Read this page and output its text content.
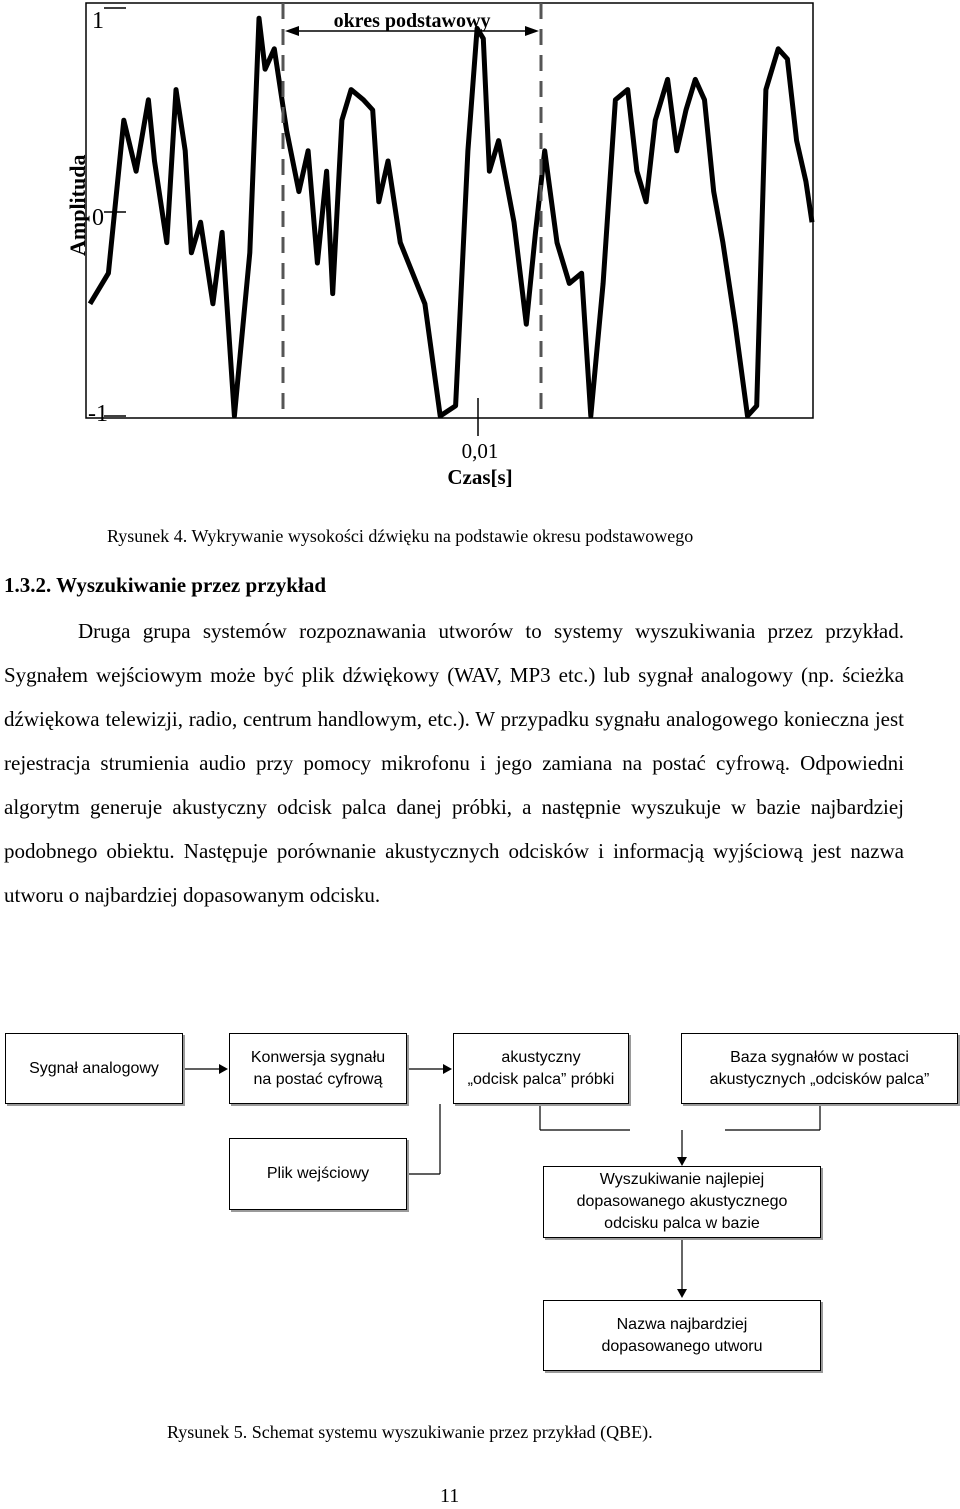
okres podstawowy
1
0
-1
Amplituda
0,01
Czas[s]
Rysunek 4. Wykrywanie wysokości dźwięku na podstawie okresu podstawowego
1.3.2. Wyszukiwanie przez przykład

Druga grupa systemów rozpoznawania utworów to systemy wyszukiwania przez przykład. Sygnałem wejściowym może być plik dźwiękowy (WAV, MP3 etc.) lub sygnał analogowy (np. ścieżka dźwiękowa telewizji, radio, centrum handlowym, etc.). W przypadku sygnału analogowego konieczna jest rejestracja strumienia audio przy pomocy mikrofonu i jego zamiana na postać cyfrową. Odpowiedni algorytm generuje akustyczny odcisk palca danej próbki, a następnie wyszukuje w bazie najbardziej podobnego obiektu. Następuje porównanie akustycznych odcisków i informacją wyjściową jest nazwa utworu o najbardziej dopasowanym odcisku.

Sygnał analogowy
Konwersja sygnału
na postać cyfrową
akustyczny
„odcisk palca” próbki
Baza sygnałów w postaci
akustycznych „odcisków palca”
Plik wejściowy	Wyszukiwanie najlepiej
dopasowanego akustycznego
odcisku palca w bazie
Nazwa najbardziej
dopasowanego utworu
Rysunek 5. Schemat systemu wyszukiwanie przez przykład (QBE).
11
